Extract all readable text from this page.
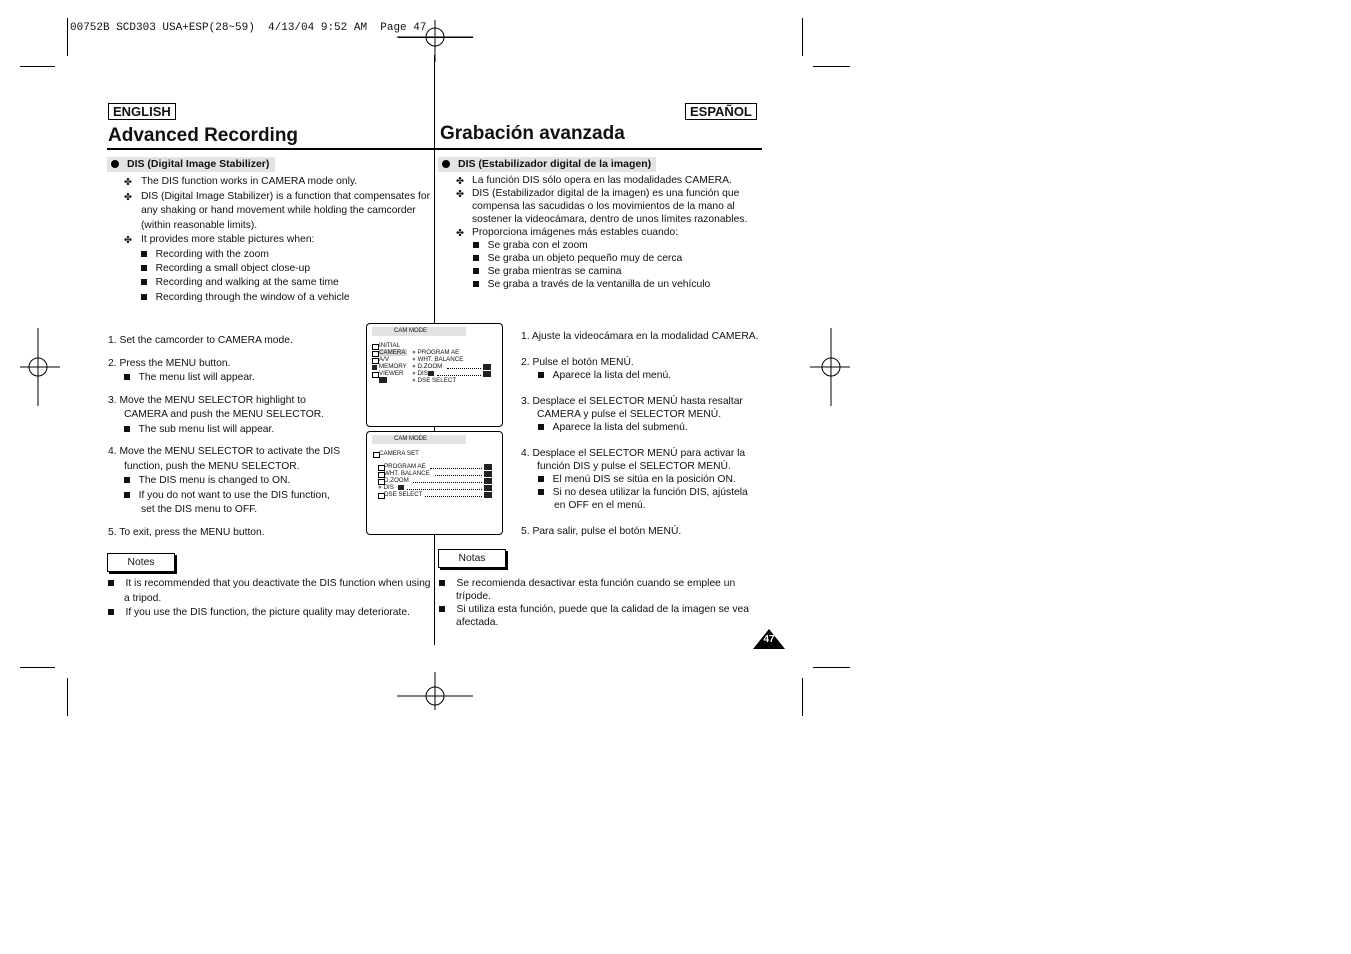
00752B SCD303 USA+ESP(28~59)  4/13/04 9:52 AM  Page 47
ENGLISH	ESPAÑOL
Advanced Recording	Grabación avanzada
DIS (Digital Image Stabilizer)	DIS (Estabilizador digital de la imagen)
✤ The DIS function works in CAMERA mode only.
✤ DIS (Digital Image Stabilizer) is a function that compensates for
any shaking or hand movement while holding the camcorder
(within reasonable limits).
✤ It provides more stable pictures when:
Recording with the zoom
Recording a small object close-up
Recording and walking at the same time
Recording through the window of a vehicle
✤ La función DIS sólo opera en las modalidades CAMERA.
✤ DIS (Estabilizador digital de la imagen) es una función que
compensa las sacudidas o los movimientos de la mano al
sostener la videocámara, dentro de unos límites razonables.
✤ Proporciona imágenes más estables cuando:
Se graba con el zoom
Se graba un objeto pequeño muy de cerca
Se graba mientras se camina
Se graba a través de la ventanilla de un vehículo
1. Set the camcorder to CAMERA mode.
2. Press the MENU button.
The menu list will appear.
3. Move the MENU SELECTOR highlight to
CAMERA and push the MENU SELECTOR.
The sub menu list will appear.
4. Move the MENU SELECTOR to activate the DIS
function, push the MENU SELECTOR.
The DIS menu is changed to ON.
If you do not want to use the DIS function,
set the DIS menu to OFF.
5. To exit, press the MENU button.
1. Ajuste la videocámara en la modalidad CAMERA.
2. Pulse el botón MENÚ.
Aparece la lista del menú.
3. Desplace el SELECTOR MENÚ hasta resaltar
CAMERA y pulse el SELECTOR MENÚ.
Aparece la lista del submenú.
4. Desplace el SELECTOR MENÚ para activar la
función DIS y pulse el SELECTOR MENÚ.
El menú DIS se sitúa en la posición ON.
Si no desea utilizar la función DIS, ajústela
en OFF en el menú.
5. Para salir, pulse el botón MENÚ.
CAM MODE
INITIAL
CAMERA
A/V
MEMORY
VIEWER
⋄ PROGRAM AE
⋄ WHT. BALANCE
⋄ D.ZOOM
⋄ DIS
⋄ DSE SELECT
CAM MODE
CAMERA SET
PROGRAM AE
WHT. BALANCE
D.ZOOM
⋄ DIS
DSE SELECT
Notes	Notas
It is recommended that you deactivate the DIS function when using
a tripod.
If you use the DIS function, the picture quality may deteriorate.
Se recomienda desactivar esta función cuando se emplee un
trípode.
Si utiliza esta función, puede que la calidad de la imagen se vea
afectada.
47
